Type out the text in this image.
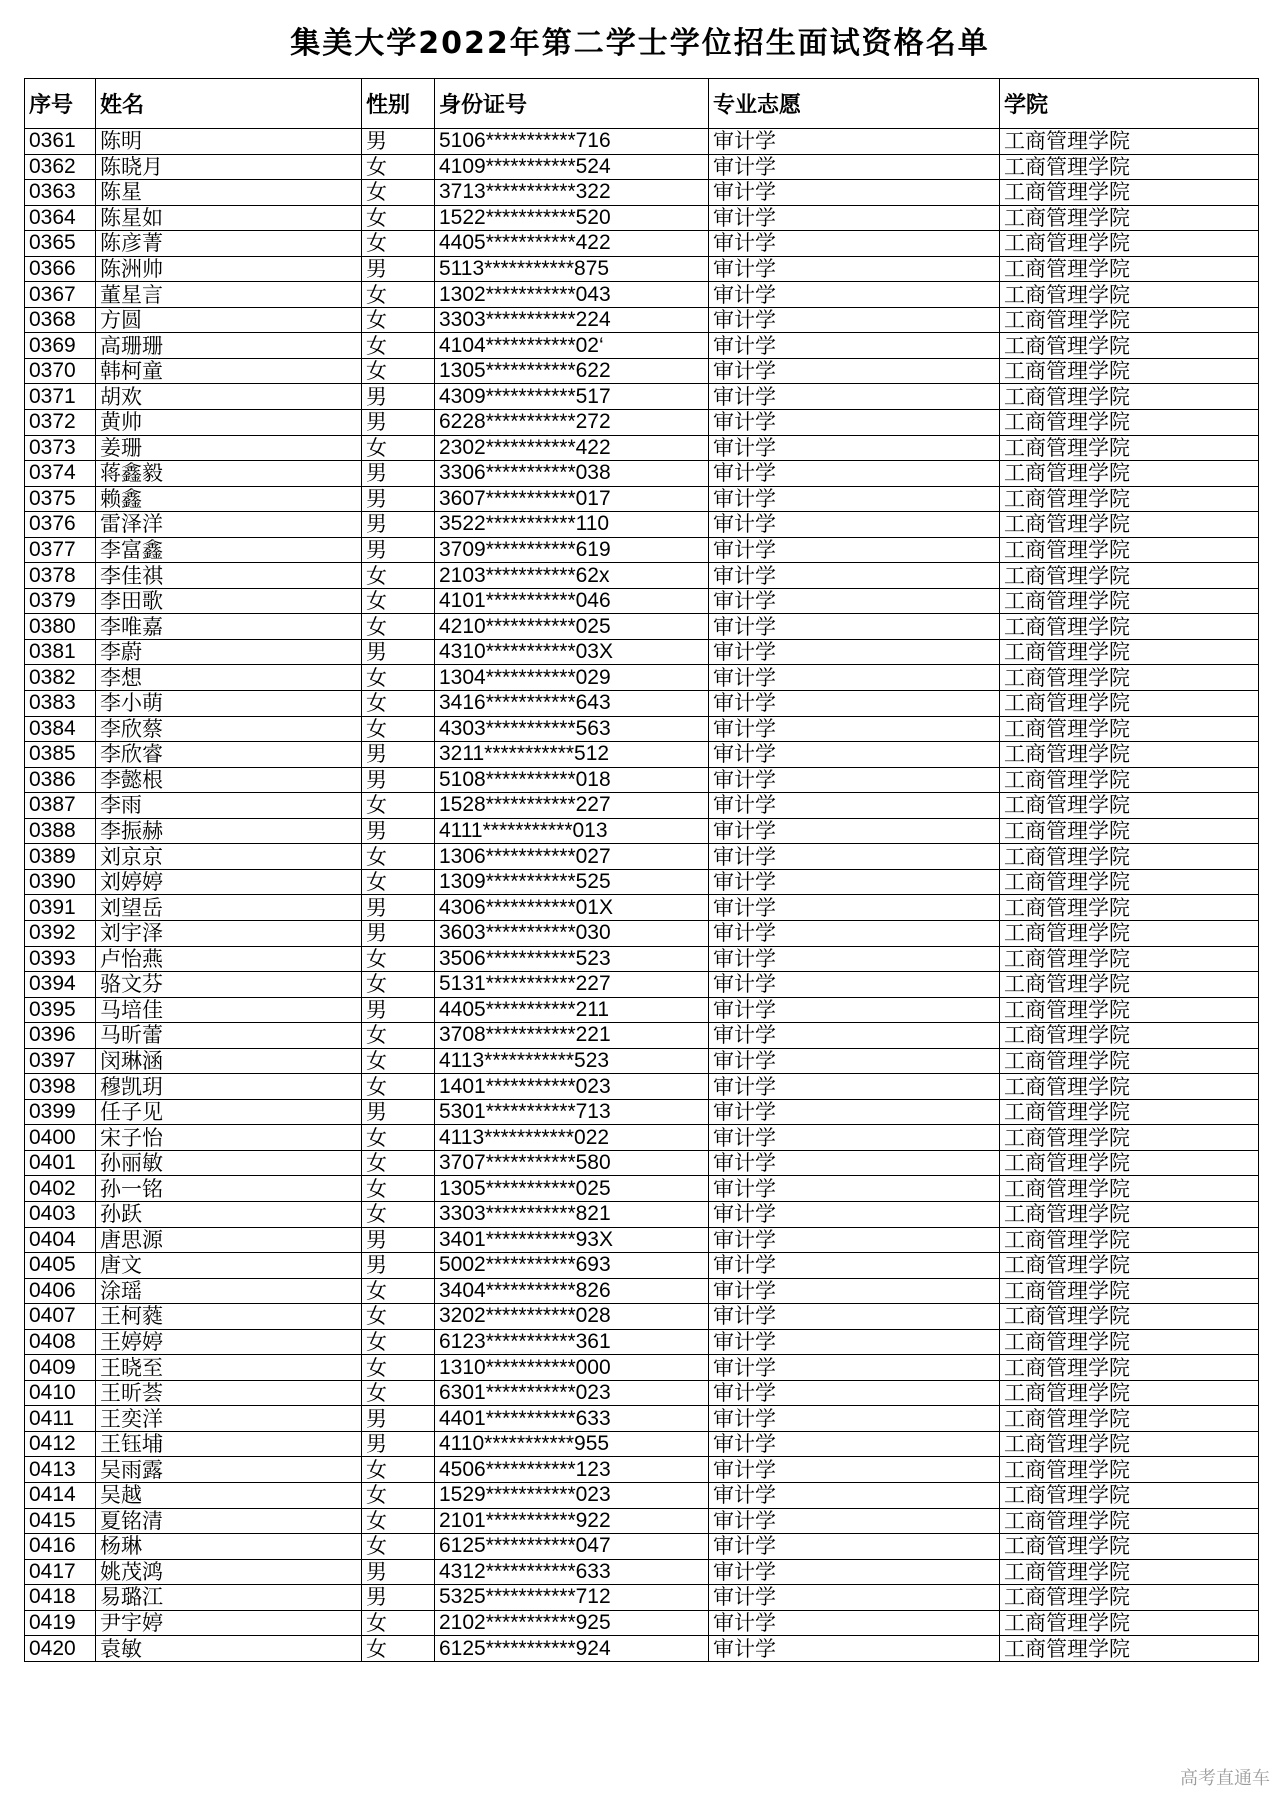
集美大学2022年第二学士学位招生面试资格名单
序号	姓名	性别	身份证号	专业志愿	学院
0361	陈明	男	5106***********716	审计学	工商管理学院
0362	陈晓月	女	4109***********524	审计学	工商管理学院
0363	陈星	女	3713***********322	审计学	工商管理学院
0364	陈星如	女	1522***********520	审计学	工商管理学院
0365	陈彦菁	女	4405***********422	审计学	工商管理学院
0366	陈洲帅	男	5113***********875	审计学	工商管理学院
0367	董星言	女	1302***********043	审计学	工商管理学院
0368	方圆	女	3303***********224	审计学	工商管理学院
0369	高珊珊	女	4104***********02‘	审计学	工商管理学院
0370	韩柯童	女	1305***********622	审计学	工商管理学院
0371	胡欢	男	4309***********517	审计学	工商管理学院
0372	黄帅	男	6228***********272	审计学	工商管理学院
0373	姜珊	女	2302***********422	审计学	工商管理学院
0374	蒋鑫毅	男	3306***********038	审计学	工商管理学院
0375	赖鑫	男	3607***********017	审计学	工商管理学院
0376	雷泽洋	男	3522***********110	审计学	工商管理学院
0377	李富鑫	男	3709***********619	审计学	工商管理学院
0378	李佳祺	女	2103***********62x	审计学	工商管理学院
0379	李田歌	女	4101***********046	审计学	工商管理学院
0380	李唯嘉	女	4210***********025	审计学	工商管理学院
0381	李蔚	男	4310***********03X	审计学	工商管理学院
0382	李想	女	1304***********029	审计学	工商管理学院
0383	李小萌	女	3416***********643	审计学	工商管理学院
0384	李欣蔡	女	4303***********563	审计学	工商管理学院
0385	李欣睿	男	3211***********512	审计学	工商管理学院
0386	李懿根	男	5108***********018	审计学	工商管理学院
0387	李雨	女	1528***********227	审计学	工商管理学院
0388	李振赫	男	4111***********013	审计学	工商管理学院
0389	刘京京	女	1306***********027	审计学	工商管理学院
0390	刘婷婷	女	1309***********525	审计学	工商管理学院
0391	刘望岳	男	4306***********01X	审计学	工商管理学院
0392	刘宇泽	男	3603***********030	审计学	工商管理学院
0393	卢怡燕	女	3506***********523	审计学	工商管理学院
0394	骆文芬	女	5131***********227	审计学	工商管理学院
0395	马培佳	男	4405***********211	审计学	工商管理学院
0396	马昕蕾	女	3708***********221	审计学	工商管理学院
0397	闵琳涵	女	4113***********523	审计学	工商管理学院
0398	穆凯玥	女	1401***********023	审计学	工商管理学院
0399	任子见	男	5301***********713	审计学	工商管理学院
0400	宋子怡	女	4113***********022	审计学	工商管理学院
0401	孙丽敏	女	3707***********580	审计学	工商管理学院
0402	孙一铭	女	1305***********025	审计学	工商管理学院
0403	孙跃	女	3303***********821	审计学	工商管理学院
0404	唐思源	男	3401***********93X	审计学	工商管理学院
0405	唐文	男	5002***********693	审计学	工商管理学院
0406	涂瑶	女	3404***********826	审计学	工商管理学院
0407	王柯蕤	女	3202***********028	审计学	工商管理学院
0408	王婷婷	女	6123***********361	审计学	工商管理学院
0409	王晓至	女	1310***********000	审计学	工商管理学院
0410	王昕荟	女	6301***********023	审计学	工商管理学院
0411	王奕洋	男	4401***********633	审计学	工商管理学院
0412	王钰埔	男	4110***********955	审计学	工商管理学院
0413	吴雨露	女	4506***********123	审计学	工商管理学院
0414	吴越	女	1529***********023	审计学	工商管理学院
0415	夏铭清	女	2101***********922	审计学	工商管理学院
0416	杨琳	女	6125***********047	审计学	工商管理学院
0417	姚茂鸿	男	4312***********633	审计学	工商管理学院
0418	易璐江	男	5325***********712	审计学	工商管理学院
0419	尹宇婷	女	2102***********925	审计学	工商管理学院
0420	袁敏	女	6125***********924	审计学	工商管理学院
高考直通车
